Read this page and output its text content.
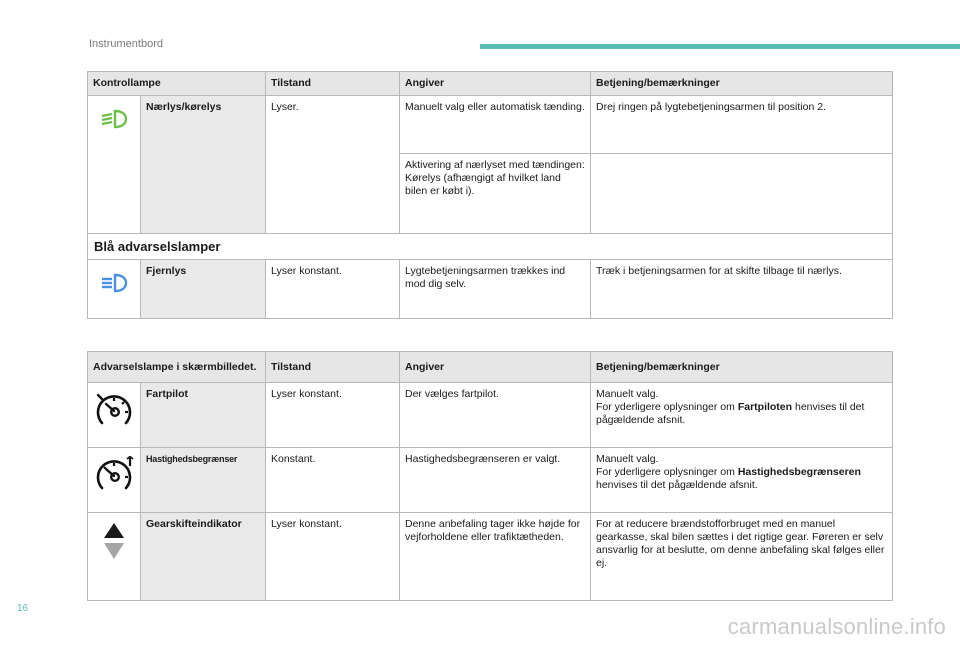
Instrumentbord
Kontrollampe		Tilstand	Angiver	Betjening/bemærkninger

	Nærlys/kørelys	Lyser.	Manuelt valg eller automatisk tænding.	Drej ringen på lygtebetjeningsarmen til position 2.
			Aktivering af nærlyset med tændingen: Kørelys (afhængigt af hvilket land bilen er købt i).	
Blå advarselslamper				

	Fjernlys	Lyser konstant.	Lygtebetjeningsarmen trækkes ind mod dig selv.	Træk i betjeningsarmen for at skifte tilbage til nærlys.
Advarselslampe i skærmbilledet.		Tilstand	Angiver	Betjening/bemærkninger

	Fartpilot	Lyser konstant.	Der vælges fartpilot.	Manuelt valg.
For yderligere oplysninger om Fartpiloten henvises til det pågældende afsnit.

	Hastighedsbegrænser	Konstant.	Hastighedsbegrænseren er valgt.	Manuelt valg.
For yderligere oplysninger om Hastighedsbegrænseren henvises til det pågældende afsnit.

	Gearskifteindikator	Lyser konstant.	Denne anbefaling tager ikke højde for vejforholdene eller trafiktætheden.	For at reducere brændstofforbruget med en manuel gearkasse, skal bilen sættes i det rigtige gear. Føreren er selv ansvarlig for at beslutte, om denne anbefaling skal følges eller ej.
16
carmanualsonline.info
